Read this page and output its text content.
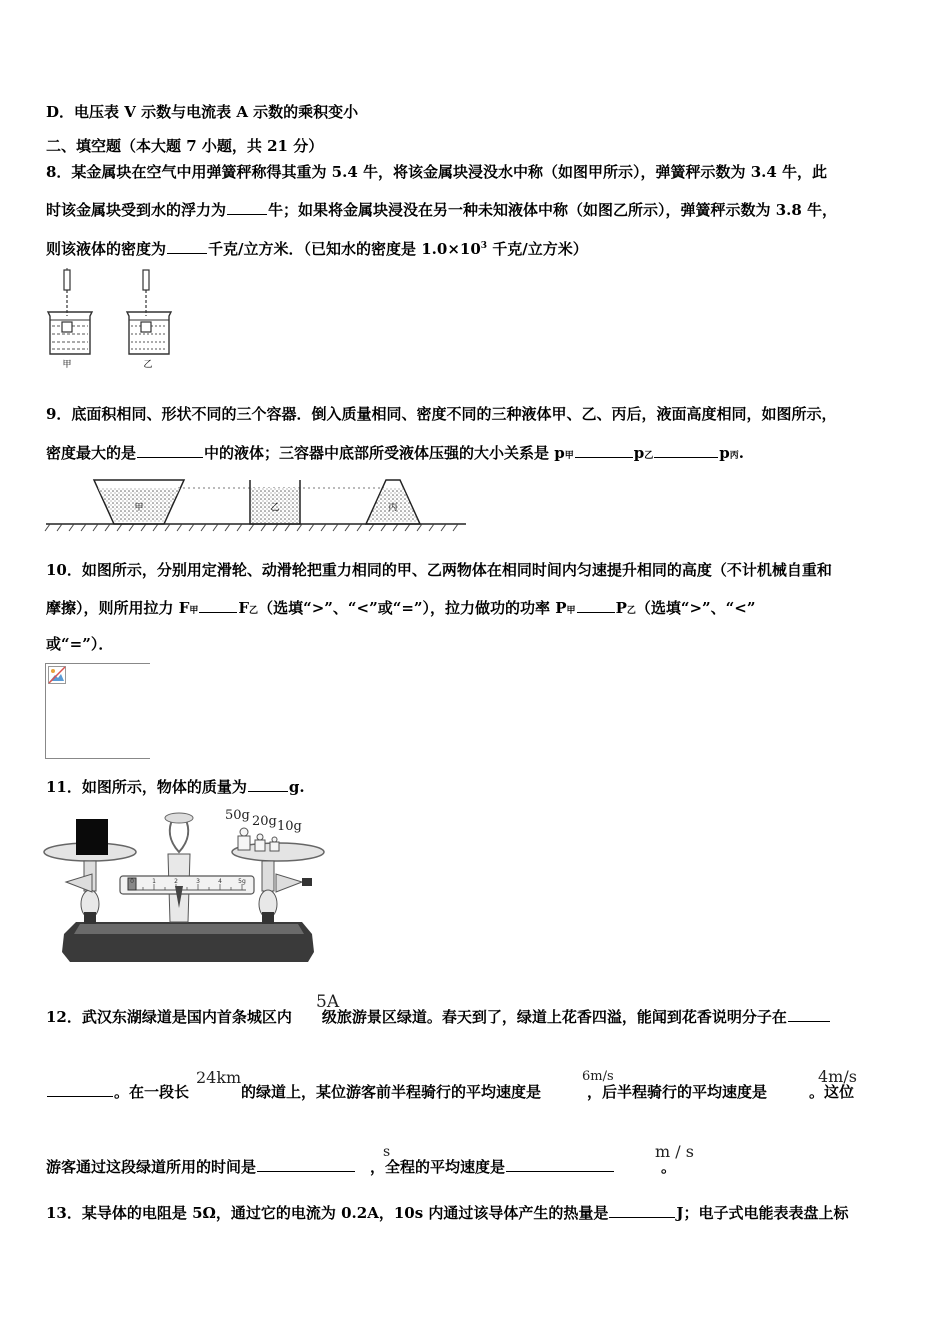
D．电压表 V 示数与电流表 A 示数的乘积变小
二、填空题（本大题 7 小题，共 21 分）
8．某金属块在空气中用弹簧秤称得其重为 5.4 牛，将该金属块浸没水中称（如图甲所示），弹簧秤示数为 3.4 牛，此
时该金属块受到水的浮力为	牛；如果将金属块浸没在另一种未知液体中称（如图乙所示），弹簧秤示数为 3.8 牛，
则该液体的密度为	千克/立方米．（已知水的密度是 $1.0\times 10^3$ 千克/立方米）
甲	乙
9．底面积相同、形状不同的三个容器．倒入质量相同、密度不同的三种液体甲、乙、丙后，液面高度相同，如图所示，
密度最大的是	中的液体；三容器中底部所受液体压强的大小关系是 p甲	p乙	p丙.
甲	乙	丙
10．如图所示，分别用定滑轮、动滑轮把重力相同的甲、乙两物体在相同时间内匀速提升相同的高度（不计机械自重和
摩擦），则所用拉力 F甲	F乙（选填“>”、“<”或“=”），拉力做功的功率 P甲	P乙（选填“>”、“<”
或“=”）．
11．如图所示，物体的质量为	g.
50g 20g 10g
0	1	2	3	4	5g
12．武汉东湖绿道是国内首条城区内 级旅游景区绿道。春天到了，绿道上花香四溢，能闻到花香说明分子在
5A
。在一段长	的绿道上，某位游客前半程骑行的平均速度是	，后半程骑行的平均速度是	。这位
24km	6m/s	4m/s
游客通过这段绿道所用的时间是	，全程的平均速度是	。
s	m / s
13．某导体的电阻是 5Ω，通过它的电流为 0.2A，10s 内通过该导体产生的热量是	J；电子式电能表表盘上标
